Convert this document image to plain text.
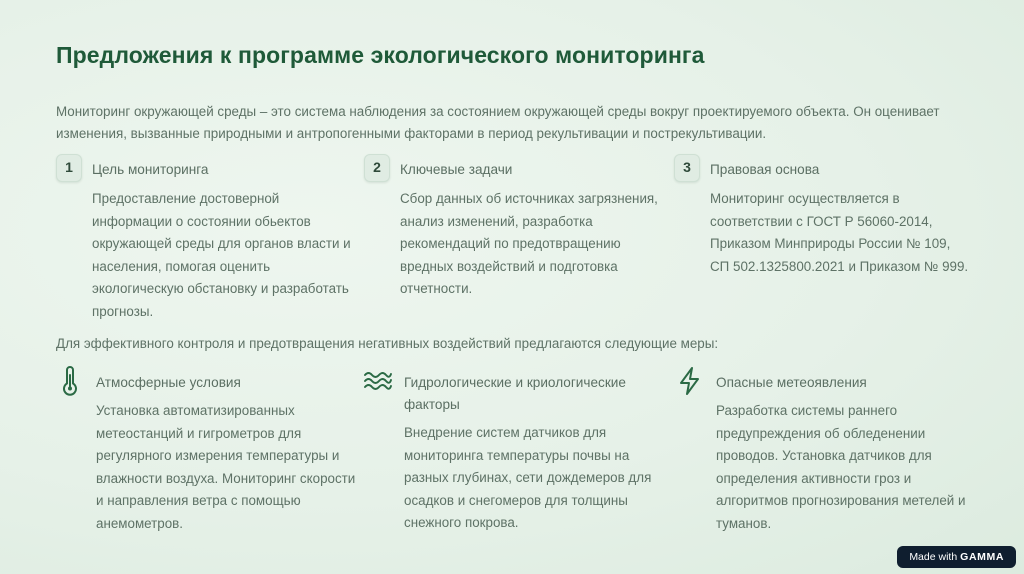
Предложения к программе экологического мониторинга

Мониторинг окружающей среды – это система наблюдения за состоянием окружающей среды вокруг проектируемого объекта. Он оценивает изменения, вызванные природными и антропогенными факторами в период рекультивации и пострекультивации.

1	Цель мониторинга

Предоставление достоверной информации о состоянии обьектов окружающей среды для органов власти и населения, помогая оценить экологическую обстановку и разработать прогнозы.

2	Ключевые задачи

Сбор данных об источниках загрязнения, анализ изменений, разработка рекомендаций по предотвращению вредных воздействий и подготовка отчетности.

3	Правовая основа

Мониторинг осуществляется в соответствии с ГОСТ Р 56060-2014, Приказом Минприроды России № 109, СП 502.1325800.2021 и Приказом № 999.

Для эффективного контроля и предотвращения негативных воздействий предлагаются следующие меры:

Атмосферные условия

Установка автоматизированных метеостанций и гигрометров для регулярного измерения температуры и влажности воздуха. Мониторинг скорости и направления ветра с помощью анемометров.

Гидрологические и криологические факторы

Внедрение систем датчиков для мониторинга температуры почвы на разных глубинах, сети дождемеров для осадков и снегомеров для толщины снежного покрова.

Опасные метеоявления

Разработка системы раннего предупреждения об обледенении проводов. Установка датчиков для определения активности гроз и алгоритмов прогнозирования метелей и туманов.

Made with GAMMA
